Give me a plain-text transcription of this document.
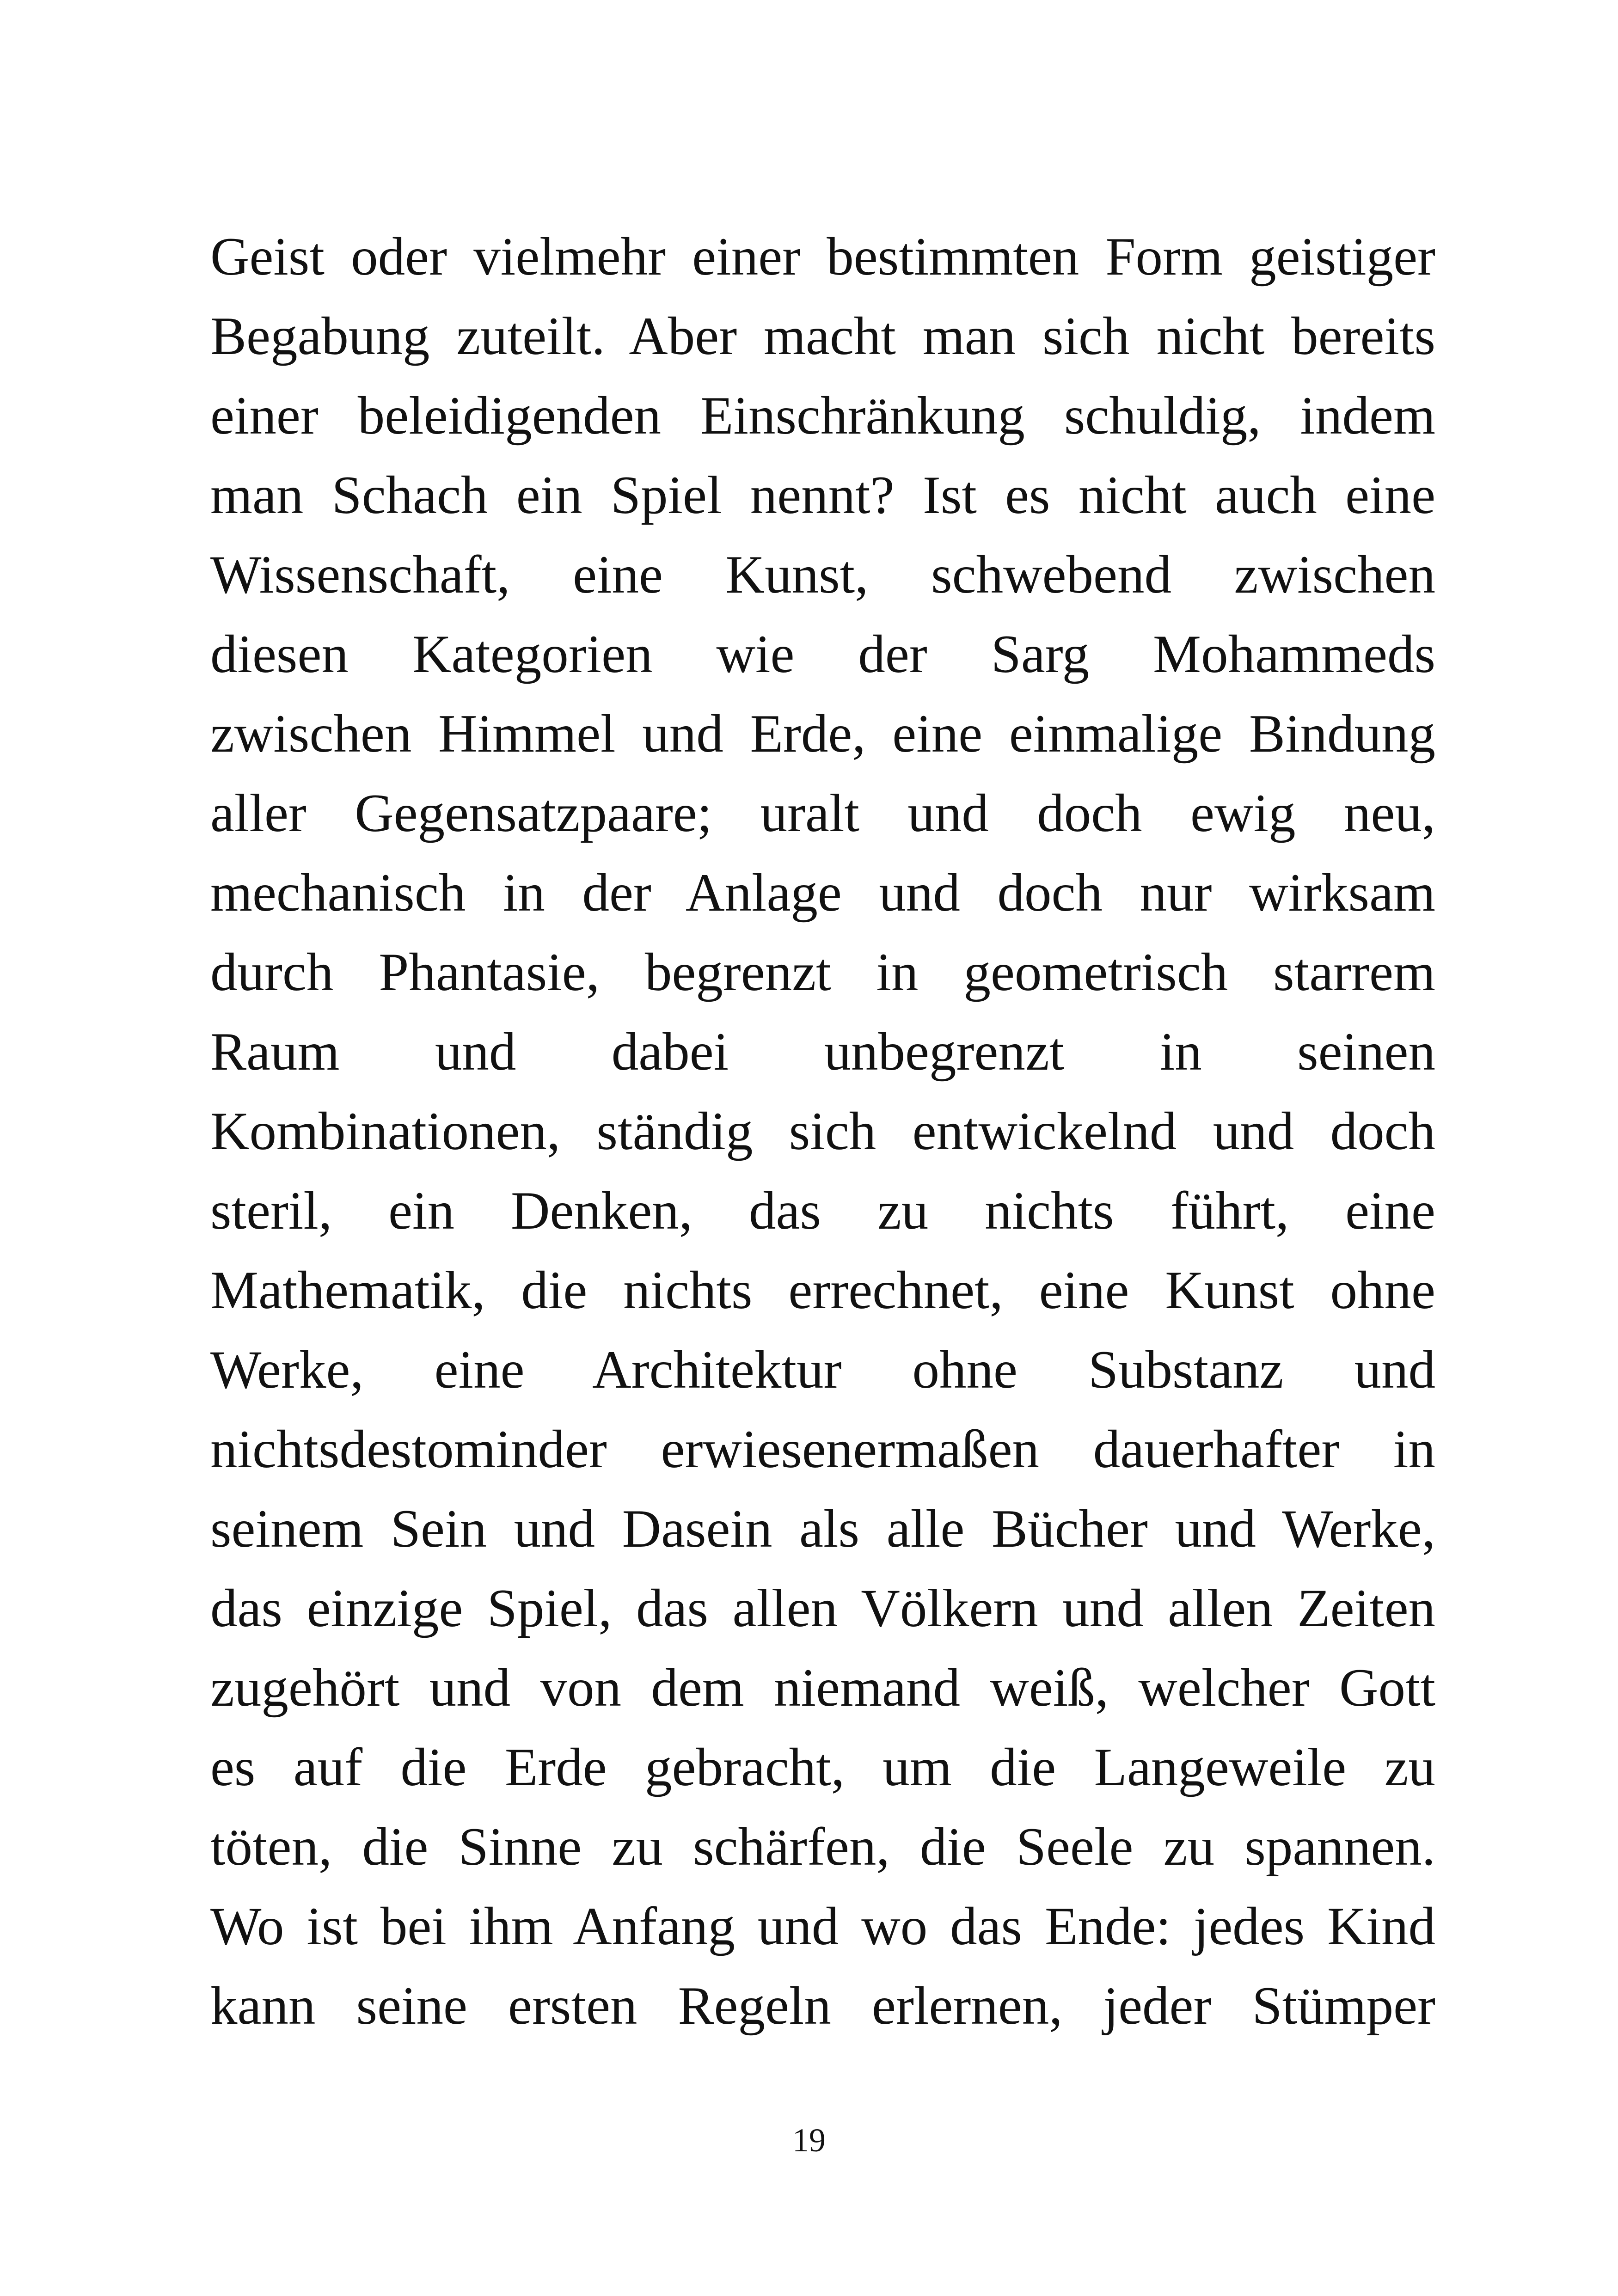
Geist oder vielmehr einer bestimmten Form geistiger
Begabung zuteilt. Aber macht man sich nicht bereits
einer beleidigenden Einschränkung schuldig, indem
man Schach ein Spiel nennt? Ist es nicht auch eine
Wissenschaft, eine Kunst, schwebend zwischen
diesen Kategorien wie der Sarg Mohammeds
zwischen Himmel und Erde, eine einmalige Bindung
aller Gegensatzpaare; uralt und doch ewig neu,
mechanisch in der Anlage und doch nur wirksam
durch Phantasie, begrenzt in geometrisch starrem
Raum und dabei unbegrenzt in seinen
Kombinationen, ständig sich entwickelnd und doch
steril, ein Denken, das zu nichts führt, eine
Mathematik, die nichts errechnet, eine Kunst ohne
Werke, eine Architektur ohne Substanz und
nichtsdestominder erwiesenermaßen dauerhafter in
seinem Sein und Dasein als alle Bücher und Werke,
das einzige Spiel, das allen Völkern und allen Zeiten
zugehört und von dem niemand weiß, welcher Gott
es auf die Erde gebracht, um die Langeweile zu
töten, die Sinne zu schärfen, die Seele zu spannen.
Wo ist bei ihm Anfang und wo das Ende: jedes Kind
kann seine ersten Regeln erlernen, jeder Stümper
19
